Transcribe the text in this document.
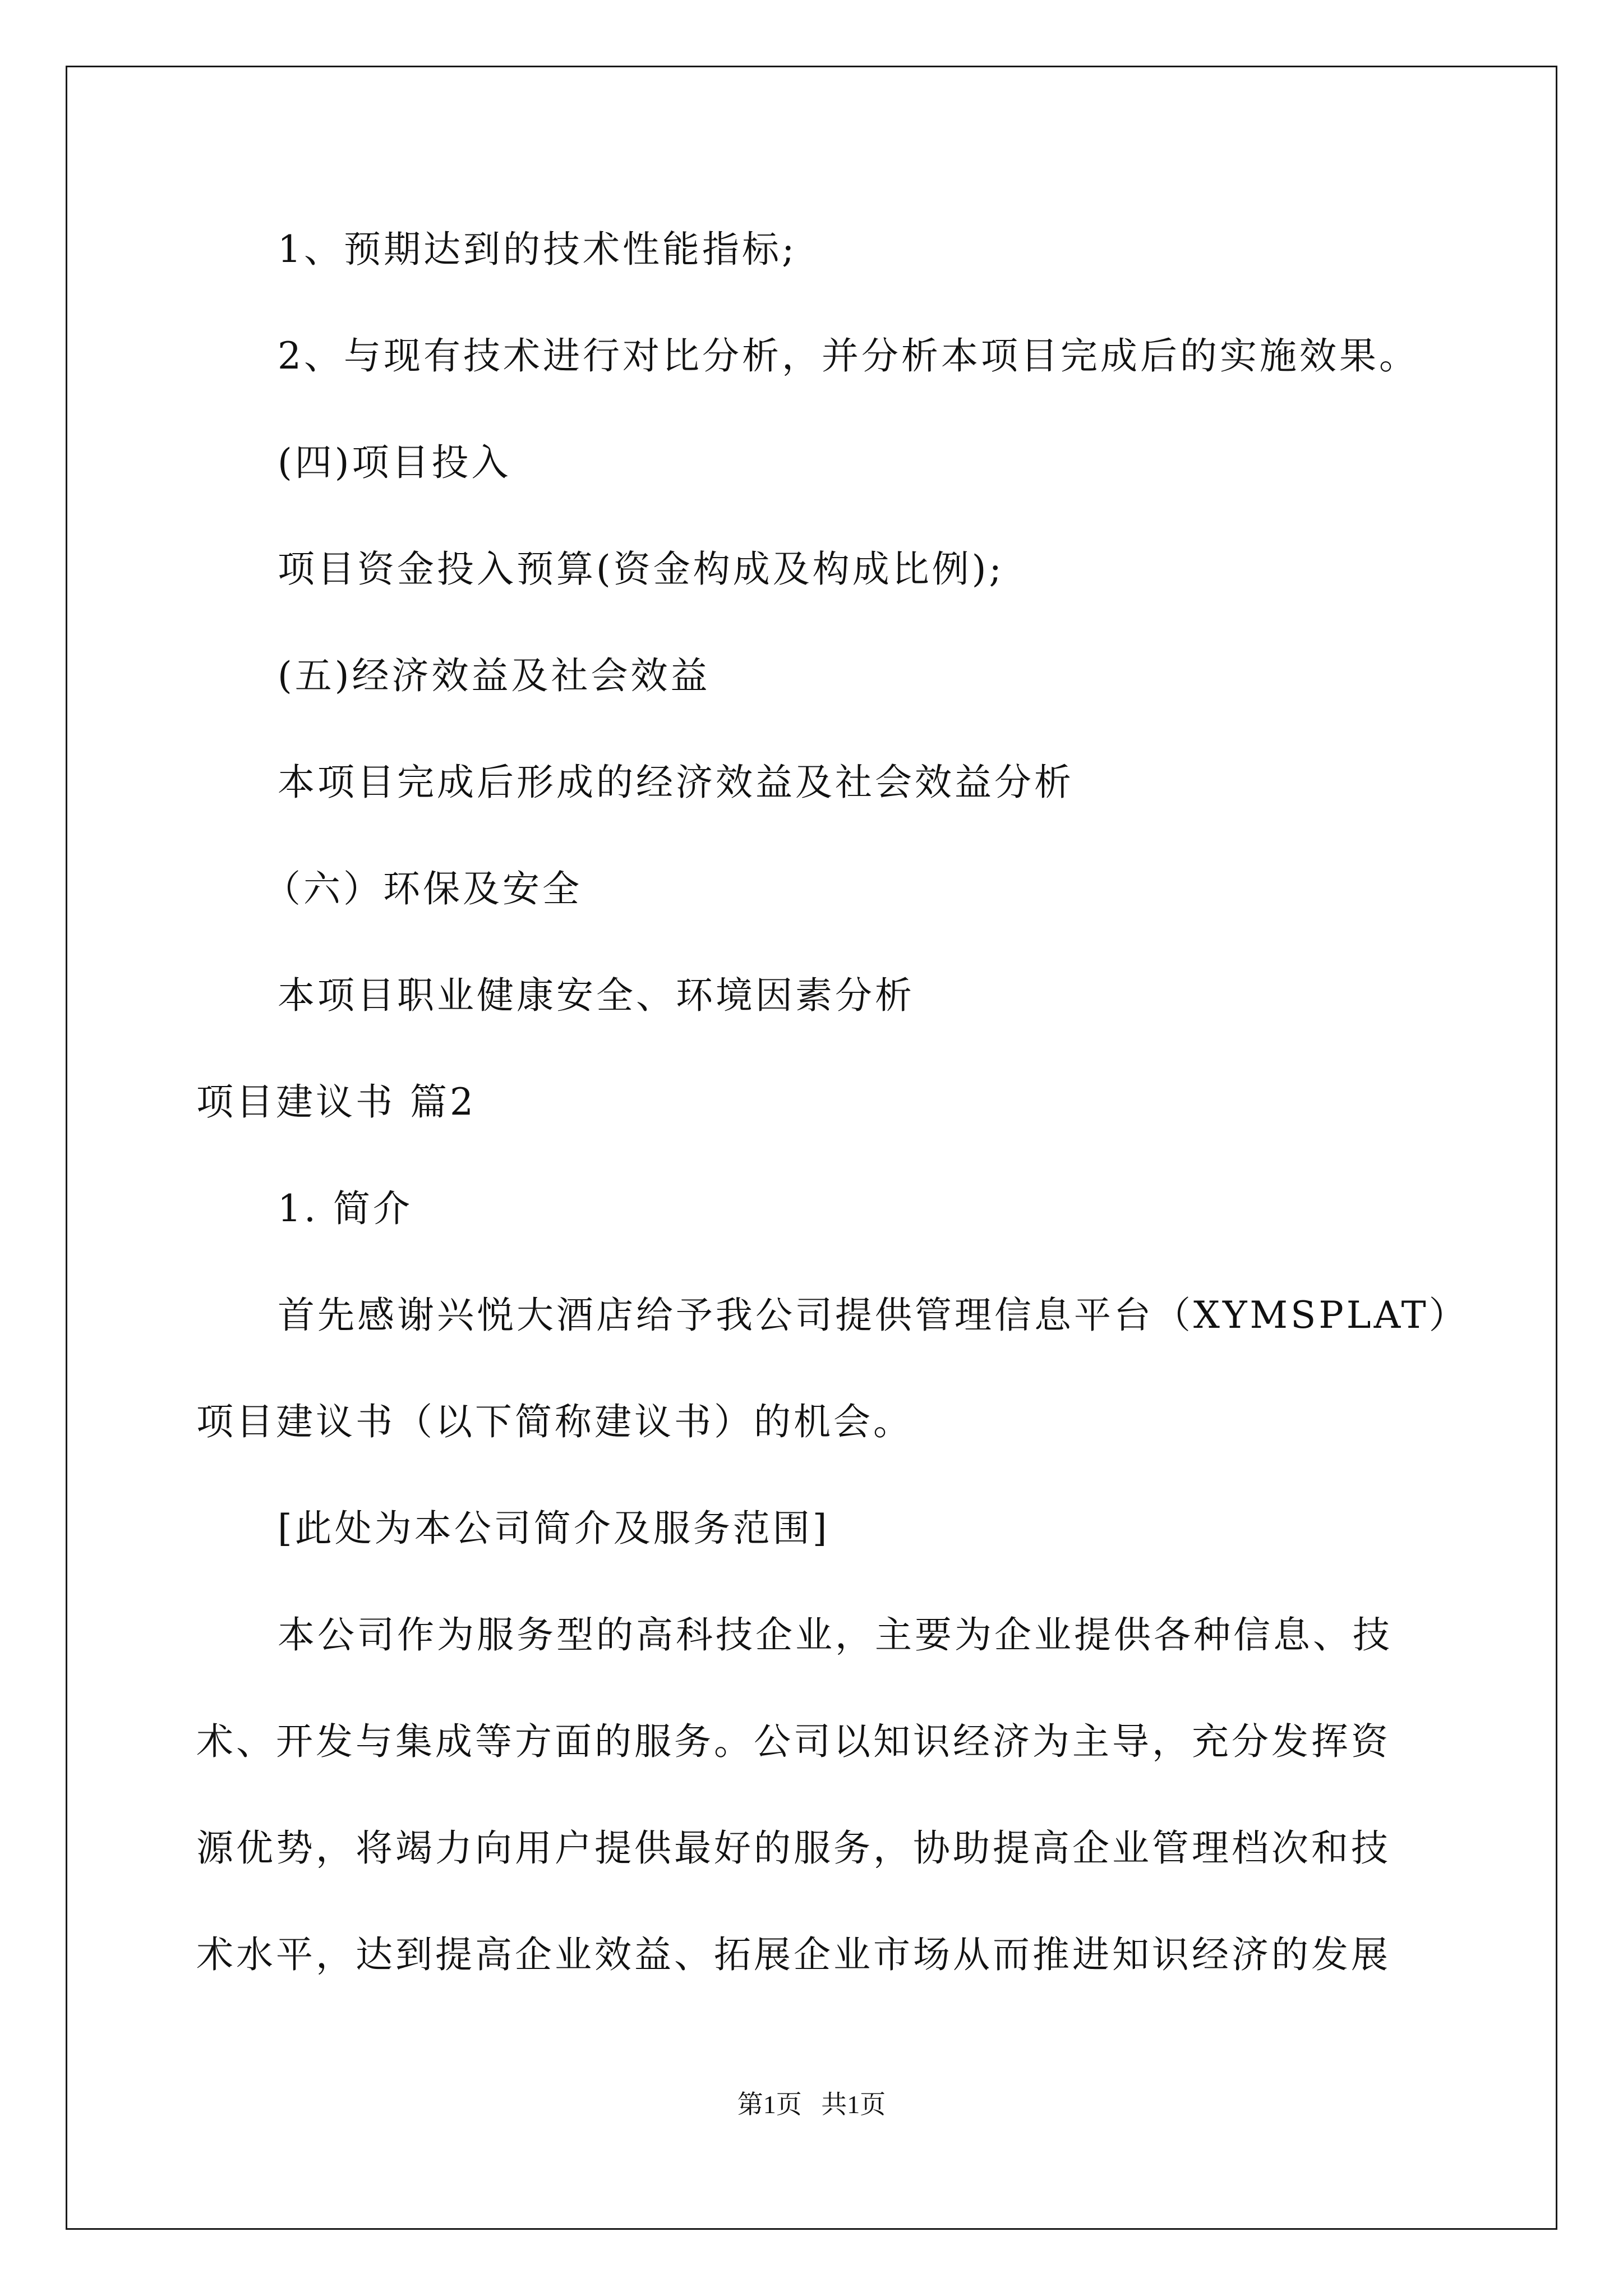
1、预期达到的技术性能指标;
2、与现有技术进行对比分析，并分析本项目完成后的实施效果。
(四)项目投入
项目资金投入预算(资金构成及构成比例);
(五)经济效益及社会效益
本项目完成后形成的经济效益及社会效益分析
（六）环保及安全
本项目职业健康安全、环境因素分析
项目建议书 篇2
1. 简介
首先感谢兴悦大酒店给予我公司提供管理信息平台（XYMSPLAT）
项目建议书（以下简称建议书）的机会。
[此处为本公司简介及服务范围]
本公司作为服务型的高科技企业，主要为企业提供各种信息、技
术、开发与集成等方面的服务。公司以知识经济为主导，充分发挥资
源优势，将竭力向用户提供最好的服务，协助提高企业管理档次和技
术水平，达到提高企业效益、拓展企业市场从而推进知识经济的发展
第1页   共1页
